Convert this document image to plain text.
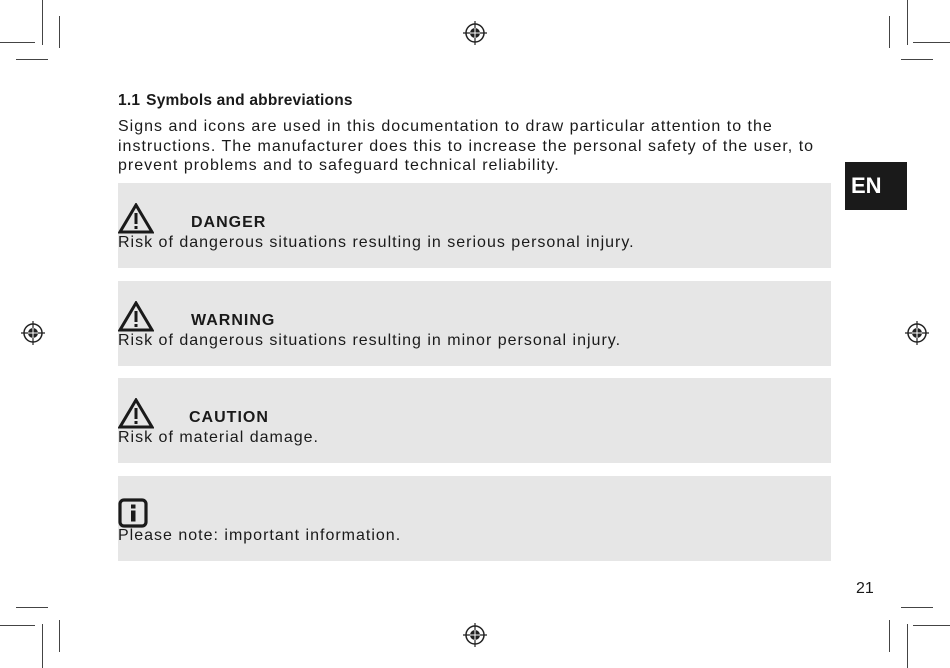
1.1 Symbols and abbreviations
Signs and icons are used in this documentation to draw particular attention to the instructions. The manufacturer does this to increase the personal safety of the user, to prevent problems and to safeguard technical reliability.
EN
DANGER
Risk of dangerous situations resulting in serious personal injury.
WARNING
Risk of dangerous situations resulting in minor personal injury.
CAUTION
Risk of material damage.
Please note: important information.
21
